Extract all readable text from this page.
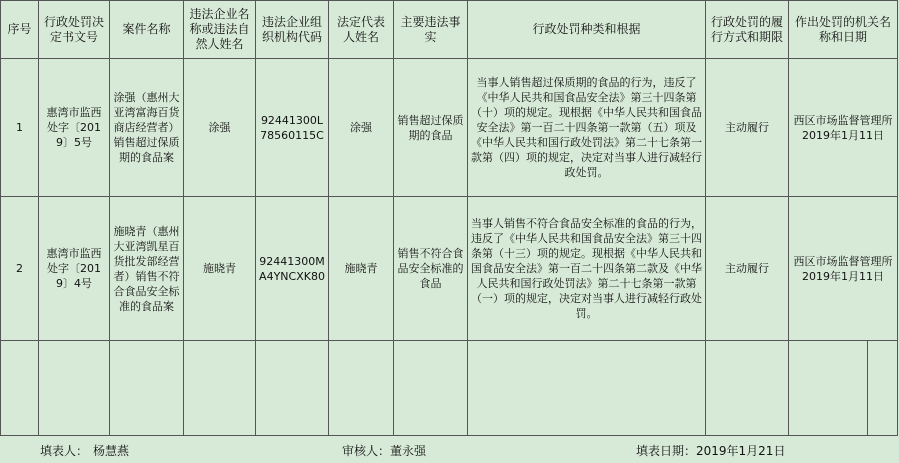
序号	行政处罚决定书文号	案件名称	违法企业名称或违法自然人姓名	违法企业组织机构代码	法定代表人姓名	主要违法事实	行政处罚种类和根据	行政处罚的履行方式和期限	作出处罚的机关名称和日期	
1	惠湾市监西处字〔2019〕5号	涂强（惠州大亚湾富海百货商店经营者）销售超过保质期的食品案	涂强	92441300L78560115C	涂强	销售超过保质期的食品	当事人销售超过保质期的食品的行为，违反了《中华人民共和国食品安全法》第三十四条第（十）项的规定。现根据《中华人民共和国食品安全法》第一百二十四条第一款第（五）项及《中华人民共和国行政处罚法》第二十七条第一款第（四）项的规定，决定对当事人进行减轻行政处罚。	主动履行	西区市场监督管理所2019年1月11日	
2	惠湾市监西处字〔2019〕4号	施晓青（惠州大亚湾凯星百货批发部经营者）销售不符合食品安全标准的食品案	施晓青	92441300MA4YNCXK80	施晓青	销售不符合食品安全标准的食品	当事人销售不符合食品安全标准的食品的行为，违反了《中华人民共和国食品安全法》第三十四条第（十三）项的规定。现根据《中华人民共和国食品安全法》第一百二十四条第二款及《中华人民共和国行政处罚法》第二十七条第一款第（一）项的规定，决定对当事人进行减轻行政处罚。	主动履行	西区市场监督管理所2019年1月11日	

填表人： 杨慧燕	审核人：董永强	填表日期：2019年1月21日
